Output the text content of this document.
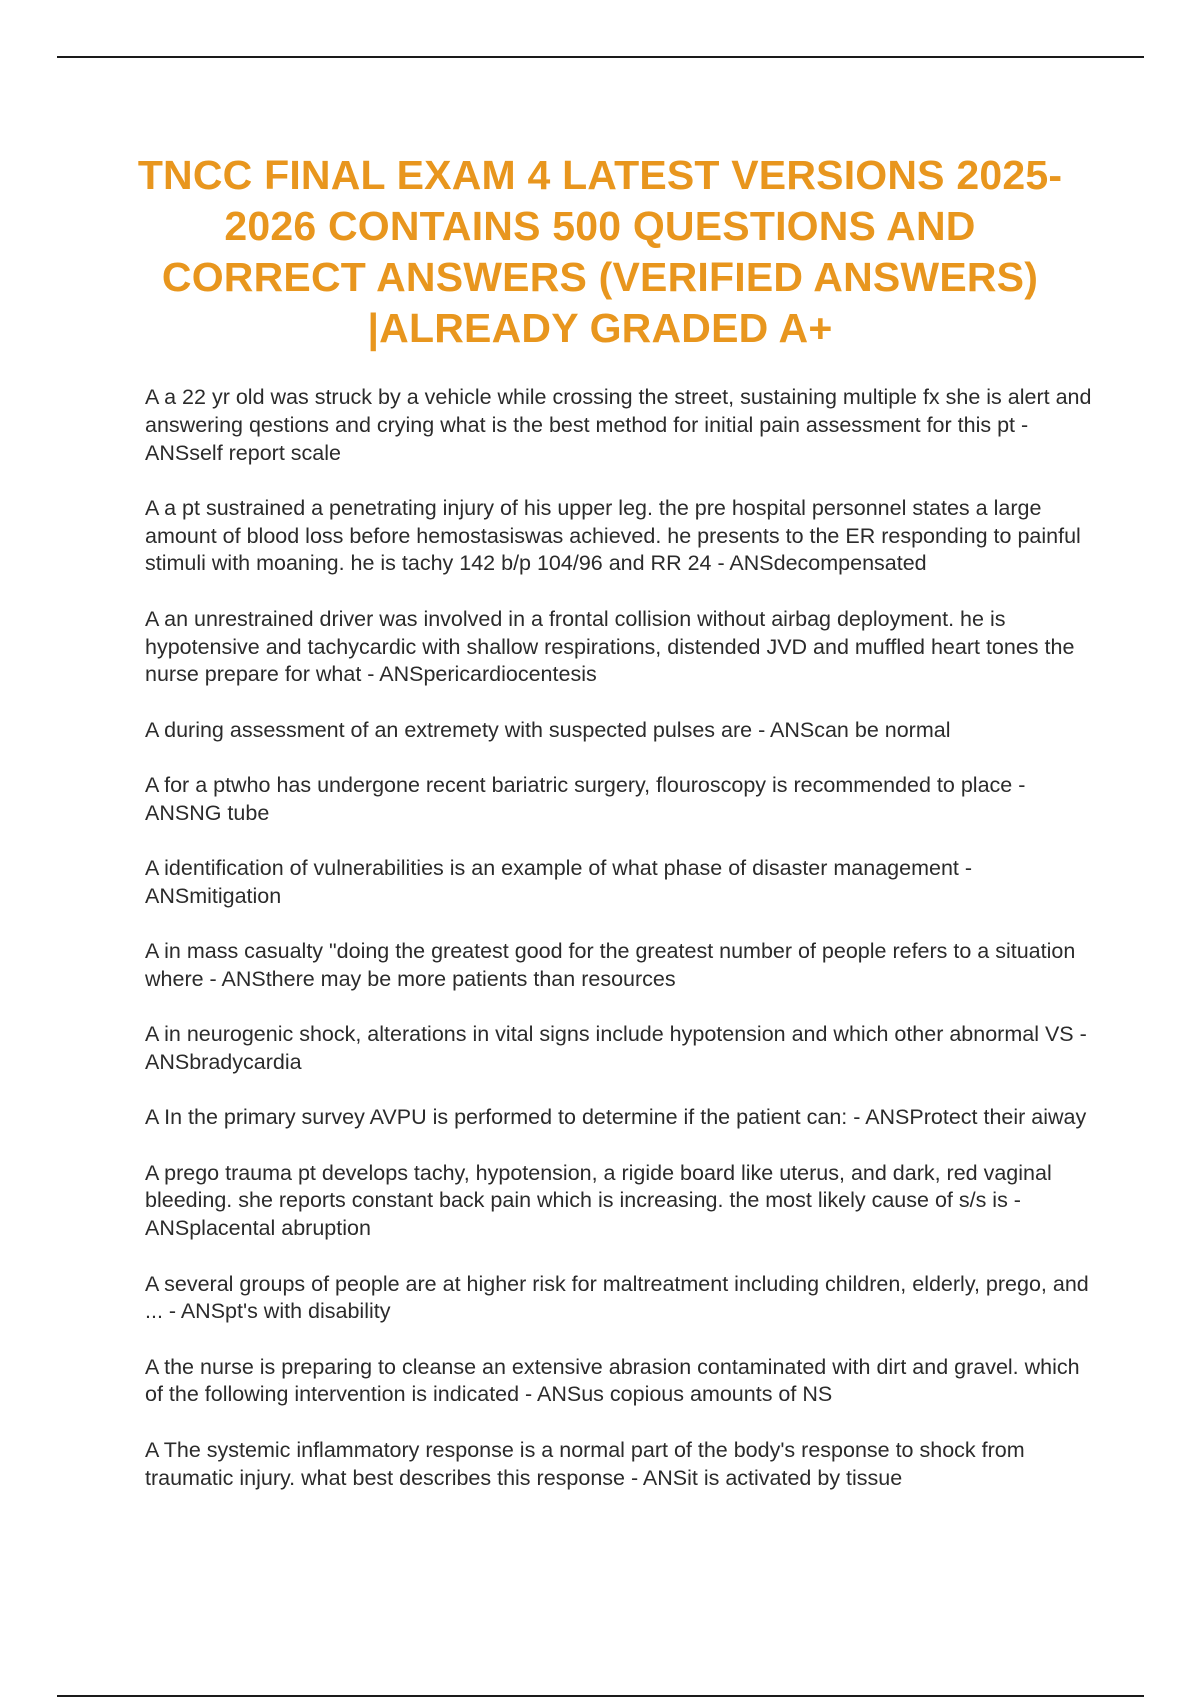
TNCC FINAL EXAM 4 LATEST VERSIONS 2025-2026 CONTAINS 500 QUESTIONS AND CORRECT ANSWERS (VERIFIED ANSWERS) |ALREADY GRADED A+
A a 22 yr old was struck by a vehicle while crossing the street, sustaining multiple fx she is alert and answering qestions and crying what is the best method for initial pain assessment for this pt - ANSself report scale
A a pt sustrained a penetrating injury of his upper leg. the pre hospital personnel states a large amount of blood loss before hemostasiswas achieved. he presents to the ER responding to painful stimuli with moaning. he is tachy 142 b/p 104/96 and RR 24 - ANSdecompensated
A an unrestrained driver was involved in a frontal collision without airbag deployment. he is hypotensive and tachycardic with shallow respirations, distended JVD and muffled heart tones the nurse prepare for what - ANSpericardiocentesis
A during assessment of an extremety with suspected pulses are - ANScan be normal
A for a ptwho has undergone recent bariatric surgery, flouroscopy is recommended to place - ANSNG tube
A identification of vulnerabilities is an example of what phase of disaster management - ANSmitigation
A in mass casualty "doing the greatest good for the greatest number of people refers to a situation where - ANSthere may be more patients than resources
A in neurogenic shock, alterations in vital signs include hypotension and which other abnormal VS - ANSbradycardia
A In the primary survey AVPU is performed to determine if the patient can: - ANSProtect their aiway
A prego trauma pt develops tachy, hypotension, a rigide board like uterus, and dark, red vaginal bleeding. she reports constant back pain which is increasing. the most likely cause of s/s is - ANSplacental abruption
A several groups of people are at higher risk for maltreatment including children, elderly, prego, and ... - ANSpt's with disability
A the nurse is preparing to cleanse an extensive abrasion contaminated with dirt and gravel. which of the following intervention is indicated - ANSus copious amounts of NS
A The systemic inflammatory response is a normal part of the body's response to shock from traumatic injury. what best describes this response - ANSit is activated by tissue
